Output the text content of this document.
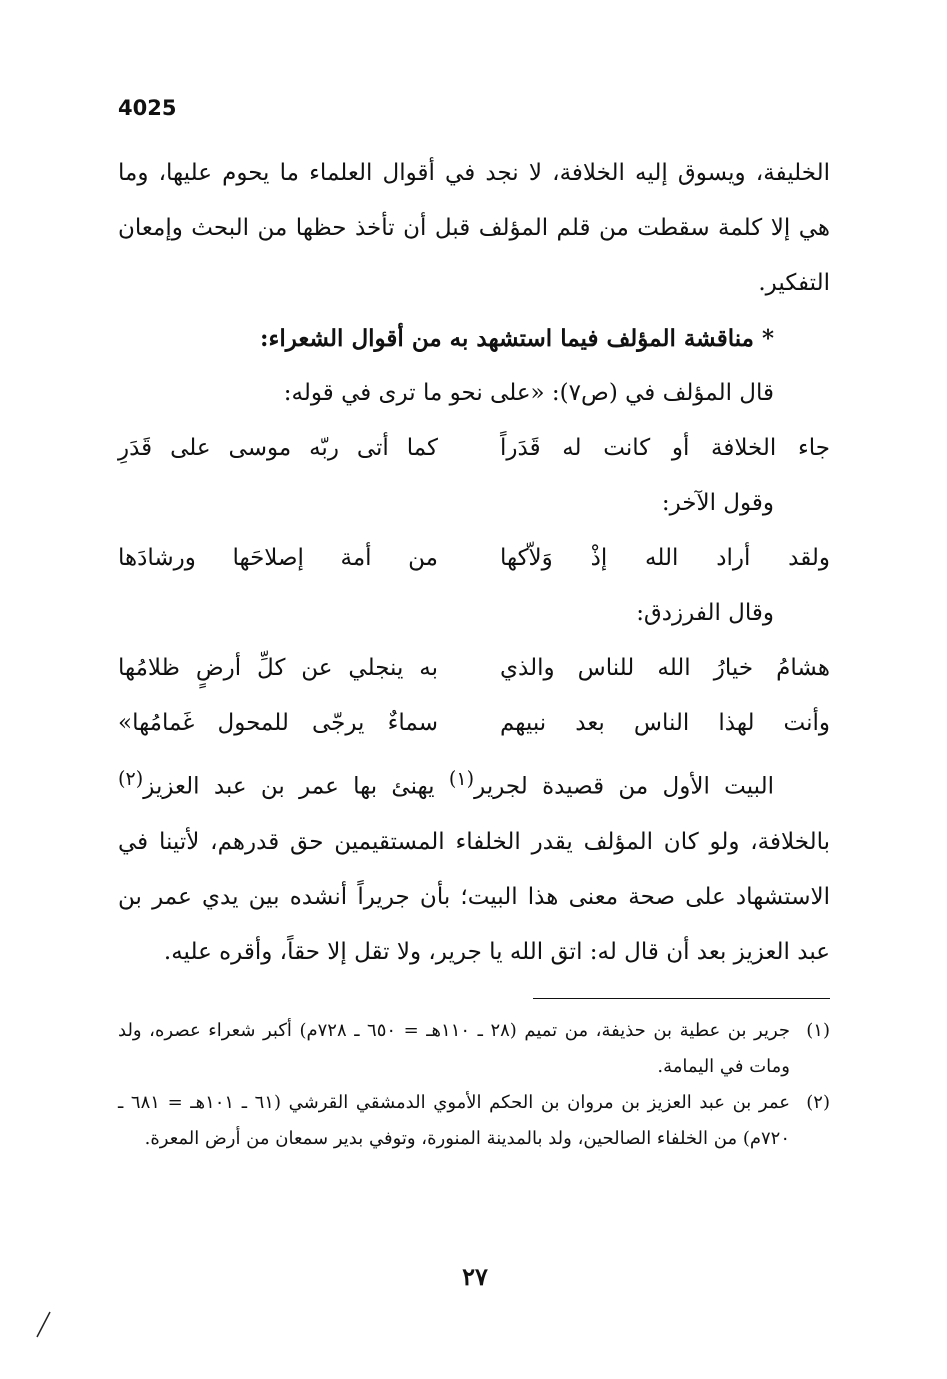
4025

الخليفة، ويسوق إليه الخلافة، لا نجد في أقوال العلماء ما يحوم عليها، وما هي إلا كلمة سقطت من قلم المؤلف قبل أن تأخذ حظها من البحث وإمعان التفكير.

* مناقشة المؤلف فيما استشهد به من أقوال الشعراء:

قال المؤلف في (ص٧): «على نحو ما ترى في قوله:

جاء الخلافة أو كانت له قَدَراً
كما أتى ربّه موسى على قَدَرِ

وقول الآخر:

ولقد أراد الله إذْ وَلاّكها
من أمة إصلاحَها ورشادَها

وقال الفرزدق:

هشامُ خيارُ الله للناس والذي
به ينجلي عن كلِّ أرضٍ ظلامُها
وأنت لهذا الناس بعد نبيهم
سماءٌ يرجّى للمحول غَمامُها»

البيت الأول من قصيدة لجرير$^{(١)}$ يهنئ بها عمر بن عبد العزيز$^{(٢)}$ بالخلافة، ولو كان المؤلف يقدر الخلفاء المستقيمين حق قدرهم، لأتينا في الاستشهاد على صحة معنى هذا البيت؛ بأن جريراً أنشده بين يدي عمر بن عبد العزيز بعد أن قال له: اتق الله يا جرير، ولا تقل إلا حقاً، وأقره عليه.

(١)
جرير بن عطية بن حذيفة، من تميم (٢٨ ـ ١١٠هـ = ٦٥٠ ـ ٧٢٨م) أكبر شعراء عصره، ولد ومات في اليمامة.
(٢)
عمر بن عبد العزيز بن مروان بن الحكم الأموي الدمشقي القرشي (٦١ ـ ١٠١هـ = ٦٨١ ـ ٧٢٠م) من الخلفاء الصالحين، ولد بالمدينة المنورة، وتوفي بدير سمعان من أرض المعرة.
٢٧
